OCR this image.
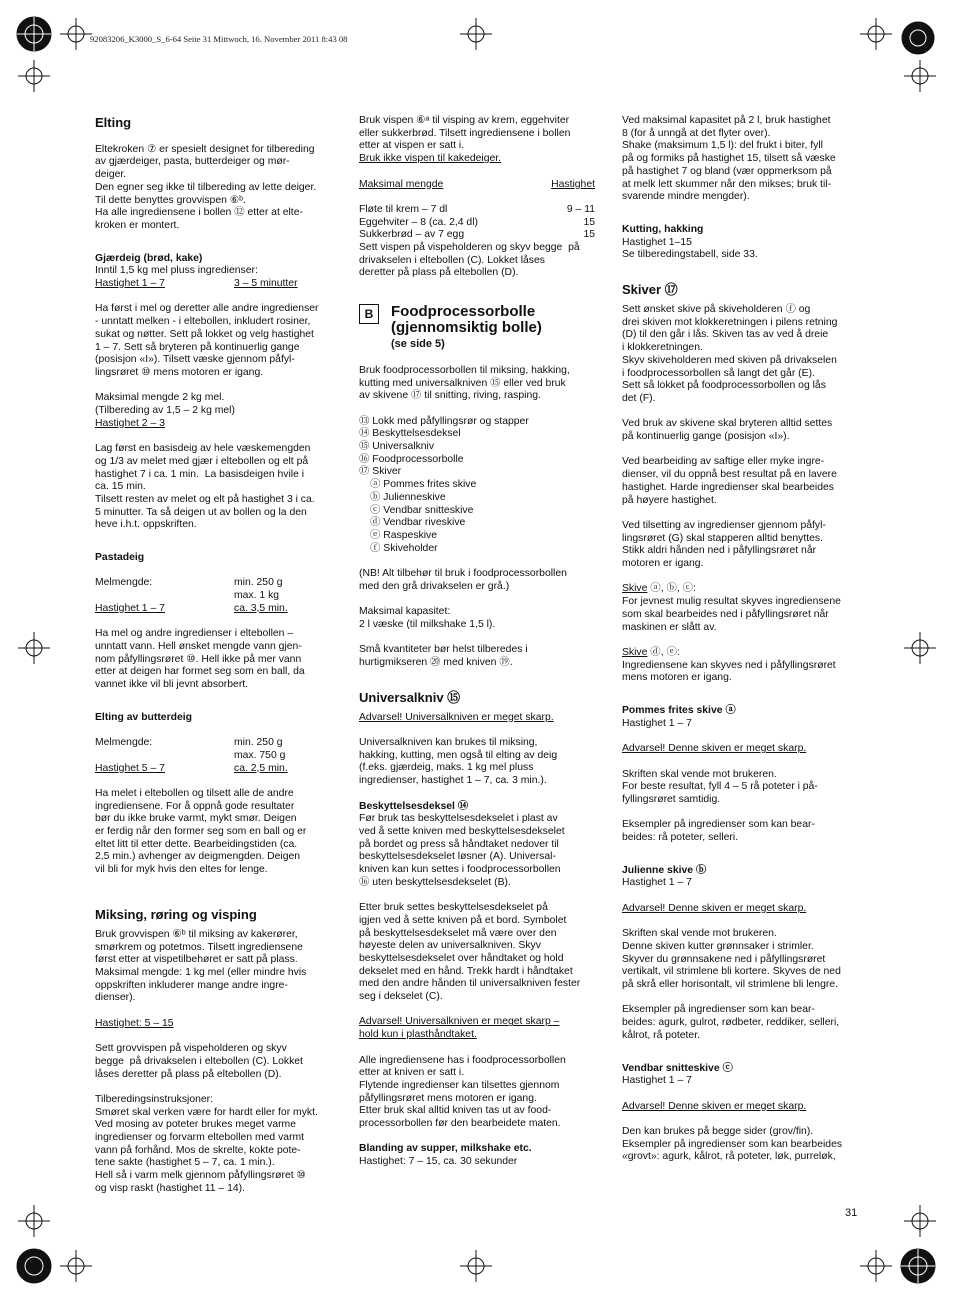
92083206_K3000_S_6-64 Seite 31 Mittwoch, 16. November 2011 8:43 08

Elting

Eltekroken ⑦ er spesielt designet for tilbereding
av gjærdeiger, pasta, butterdeiger og mør-
deiger.
Den egner seg ikke til tilbereding av lette deiger.
Til dette benyttes grovvispen ⑥ᵇ.
Ha alle ingrediensene i bollen ⑫ etter at elte-
kroken er montert.

Gjærdeig (brød, kake)

Inntil 1,5 kg mel pluss ingredienser:

Hastighet 1 – 7	3 – 5 minutter

Ha først i mel og deretter alle andre ingredienser
- unntatt melken - i eltebollen, inkludert rosiner,
sukat og nøtter. Sett på lokket og velg hastighet
1 – 7. Sett så bryteren på kontinuerlig gange
(posisjon «I»). Tilsett væske gjennom påfyl-
lingsrøret ⑩ mens motoren er igang.

Maksimal mengde 2 kg mel.
(Tilbereding av 1,5 – 2 kg mel)

Hastighet 2 – 3

Lag først en basisdeig av hele væskemengden
og 1/3 av melet med gjær i eltebollen og elt på
hastighet 7 i ca. 1 min.  La basisdeigen hvile i
ca. 15 min.
Tilsett resten av melet og elt på hastighet 3 i ca.
5 minutter. Ta så deigen ut av bollen og la den
heve i.h.t. oppskriften.

Pastadeig

Melmengde:	min. 250 g
max. 1 kg
Hastighet 1 – 7	ca. 3,5 min.

Ha mel og andre ingredienser i eltebollen –
unntatt vann. Hell ønsket mengde vann gjen-
nom påfyllingsrøret ⑩. Hell ikke på mer vann
etter at deigen har formet seg som en ball, da
vannet ikke vil bli jevnt absorbert.

Elting av butterdeig

Melmengde:	min. 250 g
max. 750 g
Hastighet 5 – 7	ca. 2,5 min.

Ha melet i eltebollen og tilsett alle de andre
ingrediensene. For å oppnå gode resultater
bør du ikke bruke varmt, mykt smør. Deigen
er ferdig når den former seg som en ball og er
eltet litt til etter dette. Bearbeidingstiden (ca.
2,5 min.) avhenger av deigmengden. Deigen
vil bli for myk hvis den eltes for lenge.

Miksing, røring og visping

Bruk grovvispen ⑥ᵇ til miksing av kakerører,
smørkrem og potetmos. Tilsett ingrediensene
først etter at vispetilbehøret er satt på plass.
Maksimal mengde: 1 kg mel (eller mindre hvis
oppskriften inkluderer mange andre ingre-
dienser).

Hastighet: 5 – 15

Sett grovvispen på vispeholderen og skyv
begge  på drivakselen i eltebollen (C). Lokket
låses deretter på plass på eltebollen (D).

Tilberedingsinstruksjoner:
Smøret skal verken være for hardt eller for mykt.
Ved mosing av poteter brukes meget varme
ingredienser og forvarm eltebollen med varmt
vann på forhånd. Mos de skrelte, kokte pote-
tene sakte (hastighet 5 – 7, ca. 1 min.).
Hell så i varm melk gjennom påfyllingsrøret ⑩
og visp raskt (hastighet 11 – 14).

Bruk vispen ⑥ᵃ til visping av krem, eggehviter
eller sukkerbrød. Tilsett ingrediensene i bollen
etter at vispen er satt i.

Bruk ikke vispen til kakedeiger.

Maksimal mengde	Hastighet
Fløte til krem – 7 dl	9 – 11
Eggehviter – 8 (ca. 2,4 dl)	15
Sukkerbrød – av 7 egg	15

Sett vispen på vispeholderen og skyv begge  på
drivakselen i eltebollen (C). Lokket låses
deretter på plass på eltebollen (D).

B	Foodprocessorbolle
(gjennomsiktig bolle)
(se side 5)

Bruk foodprocessorbollen til miksing, hakking,
kutting med universalkniven ⑮ eller ved bruk
av skivene ⑰ til snitting, riving, rasping.

⑬ Lokk med påfyllingsrør og stapper
⑭ Beskyttelsesdeksel
⑮ Universalkniv
⑯ Foodprocessorbolle
⑰ Skiver
ⓐ Pommes frites skive
ⓑ Julienneskive
ⓒ Vendbar snitteskive
ⓓ Vendbar riveskive
ⓔ Raspeskive
ⓕ Skiveholder

(NB! Alt tilbehør til bruk i foodprocessorbollen
med den grå drivakselen er grå.)

Maksimal kapasitet:
2 l væske (til milkshake 1,5 l).

Små kvantiteter bør helst tilberedes i
hurtigmikseren ⑳ med kniven ⑲.

Universalkniv ⑮

Advarsel! Universalkniven er meget skarp.

Universalkniven kan brukes til miksing,
hakking, kutting, men også til elting av deig
(f.eks. gjærdeig, maks. 1 kg mel pluss
ingredienser, hastighet 1 – 7, ca. 3 min.).

Beskyttelsesdeksel ⑭

Før bruk tas beskyttelsesdekselet i plast av
ved å sette kniven med beskyttelsesdekselet
på bordet og press så håndtaket nedover til
beskyttelsesdekselet løsner (A). Universal-
kniven kan kun settes i foodprocessorbollen
⑯ uten beskyttelsesdekselet (B).

Etter bruk settes beskyttelsesdekselet på
igjen ved å sette kniven på et bord. Symbolet
på beskyttelsesdekselet må være over den
høyeste delen av universalkniven. Skyv
beskyttelsesdekselet over håndtaket og hold
dekselet med en hånd. Trekk hardt i håndtaket
med den andre hånden til universalkniven fester
seg i dekselet (C).

Advarsel! Universalkniven er meget skarp –
hold kun i plasthåndtaket.

Alle ingrediensene has i foodprocessorbollen
etter at kniven er satt i.
Flytende ingredienser kan tilsettes gjennom
påfyllingsrøret mens motoren er igang.
Etter bruk skal alltid kniven tas ut av food-
processorbollen før den bearbeidete maten.

Blanding av supper, milkshake etc.

Hastighet: 7 – 15, ca. 30 sekunder

Ved maksimal kapasitet på 2 l, bruk hastighet
8 (for å unngå at det flyter over).
Shake (maksimum 1,5 l): del frukt i biter, fyll
på og formiks på hastighet 15, tilsett så væske
på hastighet 7 og bland (vær oppmerksom på
at melk lett skummer når den mikses; bruk til-
svarende mindre mengder).

Kutting, hakking

Hastighet 1–15
Se tilberedingstabell, side 33.

Skiver ⑰

Sett ønsket skive på skiveholderen ⓕ og
drei skiven mot klokkeretningen i pilens retning
(D) til den går i lås. Skiven tas av ved å dreie
i klokkeretningen.
Skyv skiveholderen med skiven på drivakselen
i foodprocessorbollen så langt det går (E).
Sett så lokket på foodprocessorbollen og lås
det (F).

Ved bruk av skivene skal bryteren alltid settes
på kontinuerlig gange (posisjon «I»).

Ved bearbeiding av saftige eller myke ingre-
dienser, vil du oppnå best resultat på en lavere
hastighet. Harde ingredienser skal bearbeides
på høyere hastighet.

Ved tilsetting av ingredienser gjennom påfyl-
lingsrøret (G) skal stapperen alltid benyttes.
Stikk aldri hånden ned i påfyllingsrøret når
motoren er igang.

Skive ⓐ, ⓑ, ⓒ:

For jevnest mulig resultat skyves ingrediensene
som skal bearbeides ned i påfyllingsrøret når
maskinen er slått av.

Skive ⓓ, ⓔ:

Ingrediensene kan skyves ned i påfyllingsrøret
mens motoren er igang.

Pommes frites skive ⓐ

Hastighet 1 – 7

Advarsel! Denne skiven er meget skarp.

Skriften skal vende mot brukeren.
For beste resultat, fyll 4 – 5 rå poteter i på-
fyllingsrøret samtidig.

Eksempler på ingredienser som kan bear-
beides: rå poteter, selleri.

Julienne skive ⓑ

Hastighet 1 – 7

Advarsel! Denne skiven er meget skarp.

Skriften skal vende mot brukeren.
Denne skiven kutter grønnsaker i strimler.
Skyver du grønnsakene ned i påfyllingsrøret
vertikalt, vil strimlene bli kortere. Skyves de ned
på skrå eller horisontalt, vil strimlene bli lengre.

Eksempler på ingredienser som kan bear-
beides: agurk, gulrot, rødbeter, reddiker, selleri,
kålrot, rå poteter.

Vendbar snitteskive ⓒ

Hastighet 1 – 7

Advarsel! Denne skiven er meget skarp.

Den kan brukes på begge sider (grov/fin).
Eksempler på ingredienser som kan bearbeides
«grovt»: agurk, kålrot, rå poteter, løk, purreløk,

31
